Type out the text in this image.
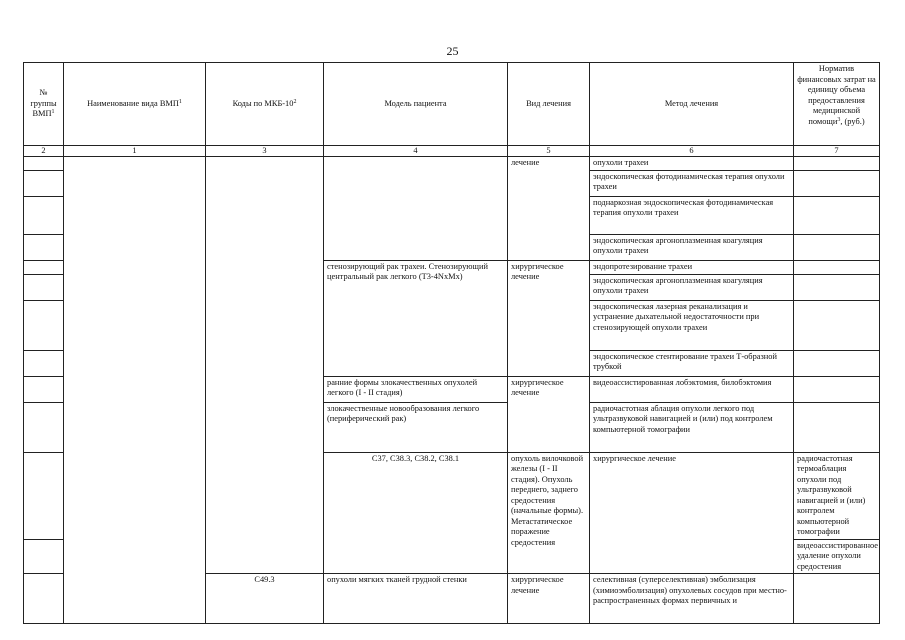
25
№ группы ВМП$^1$	Наименование вида ВМП$^1$	Коды по МКБ-$10^2$	Модель пациента	Вид лечения	Метод лечения	Норматив финансовых затрат на единицу объема предоставления медицинской помощи$^3$, (руб.)	
2	1	3	4	5	6	7	
				лечение	опухоли трахеи		
					эндоскопическая фотодинамическая терапия опухоли трахеи		
					поднаркозная эндоскопическая фотодинамическая терапия опухоли трахеи		
					эндоскопическая аргоноплазменная коагуляция опухоли трахеи		
			стенозирующий рак трахеи. Стенозирующий центральный рак легкого (T3-4NxMx)	хирургическое лечение	эндопротезирование трахеи		
					эндоскопическая аргоноплазменная коагуляция опухоли трахеи		
					эндоскопическая лазерная реканализация и устранение дыхательной недостаточности при стенозирующей опухоли трахеи		
					эндоскопическое стентирование трахеи Т-образной трубкой		
			ранние формы злокачественных опухолей легкого (I - II стадия)	хирургическое лечение	видеоассистированная лобэктомия, билобэктомия		
			злокачественные новообразования легкого (периферический рак)		радиочастотная аблация опухоли легкого под ультразвуковой навигацией и (или) под контролем компьютерной томографии		
			C37, C38.3, C38.2, C38.1	опухоль вилочковой железы (I - II стадия). Опухоль переднего, заднего средостения (начальные формы). Метастатическое поражение средостения	хирургическое лечение	радиочастотная термоаблация опухоли под ультразвуковой навигацией и (или) контролем компьютерной томографии	
						видеоассистированное удаление опухоли средостения	
		C49.3	опухоли мягких тканей грудной стенки	хирургическое лечение	селективная (суперселективная) эмболизация (химиоэмболизация) опухолевых сосудов при местно-распространенных формах первичных и		
